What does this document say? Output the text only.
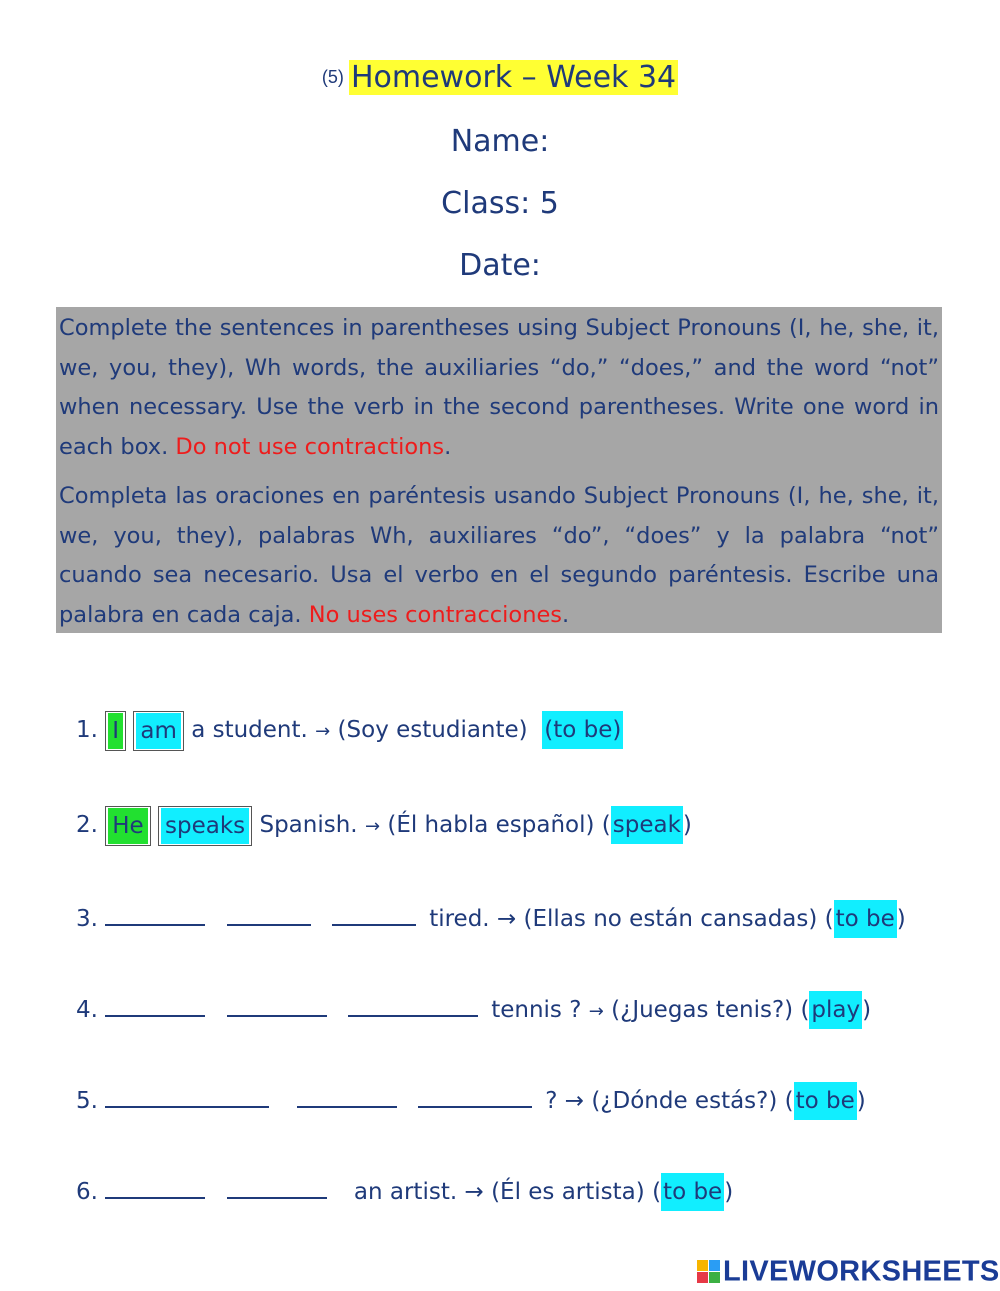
(5) Homework – Week 34
Name:
Class: 5
Date:

Complete the sentences in parentheses using Subject Pronouns (I, he, she, it, we, you, they), Wh words, the auxiliaries “do,” “does,” and the word “not” when necessary. Use the verb in the second parentheses. Write one word in each box. Do not use contractions.

Completa las oraciones en paréntesis usando Subject Pronouns (I, he, she, it, we, you, they), palabras Wh, auxiliares “do”, “does” y la palabra “not” cuando sea necesario. Usa el verbo en el segundo paréntesis. Escribe una palabra en cada caja. No uses contracciones.

1. I am a student. → (Soy estudiante) (to be)
2. He speaks Spanish. → (Él habla español) (speak)
3.	tired. → (Ellas no están cansadas) (to be)
4.	tennis ? → (¿Juegas tenis?) (play)
5.	? → (¿Dónde estás?) (to be)
6.	an artist. → (Él es artista) (to be)
LIVEWORKSHEETS
